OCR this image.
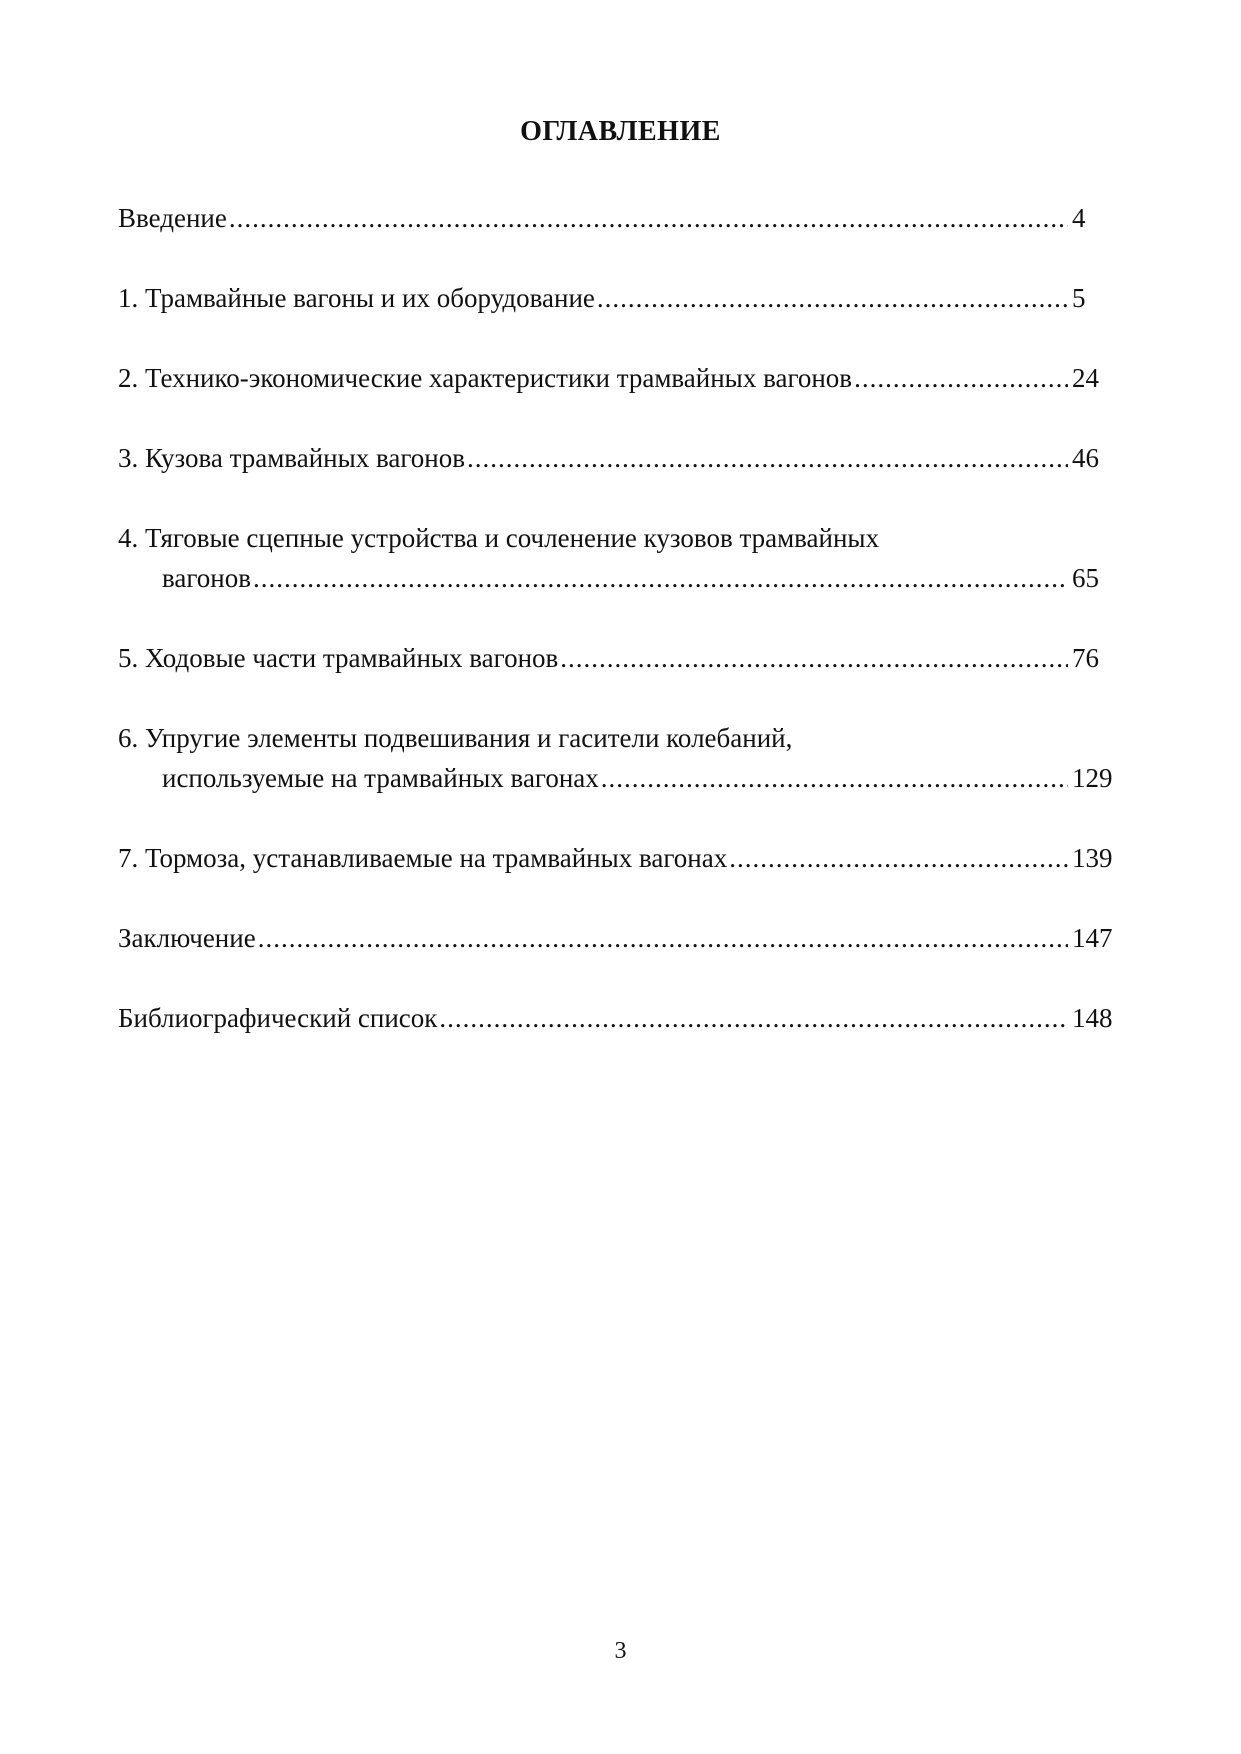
ОГЛАВЛЕНИЕ
Введение .....	4
1. Трамвайные вагоны и их оборудование .....	5
2. Технико-экономические характеристики трамвайных вагонов .....	24
3. Кузова трамвайных вагонов .....	46
4. Тяговые сцепные устройства и сочленение кузовов трамвайных
вагонов .....	65
5. Ходовые части трамвайных вагонов .....	76
6. Упругие элементы подвешивания и гасители колебаний,
используемые на трамвайных вагонах .....	129
7. Тормоза, устанавливаемые на трамвайных вагонах .....	139
Заключение .....	147
Библиографический список .....	148
3
